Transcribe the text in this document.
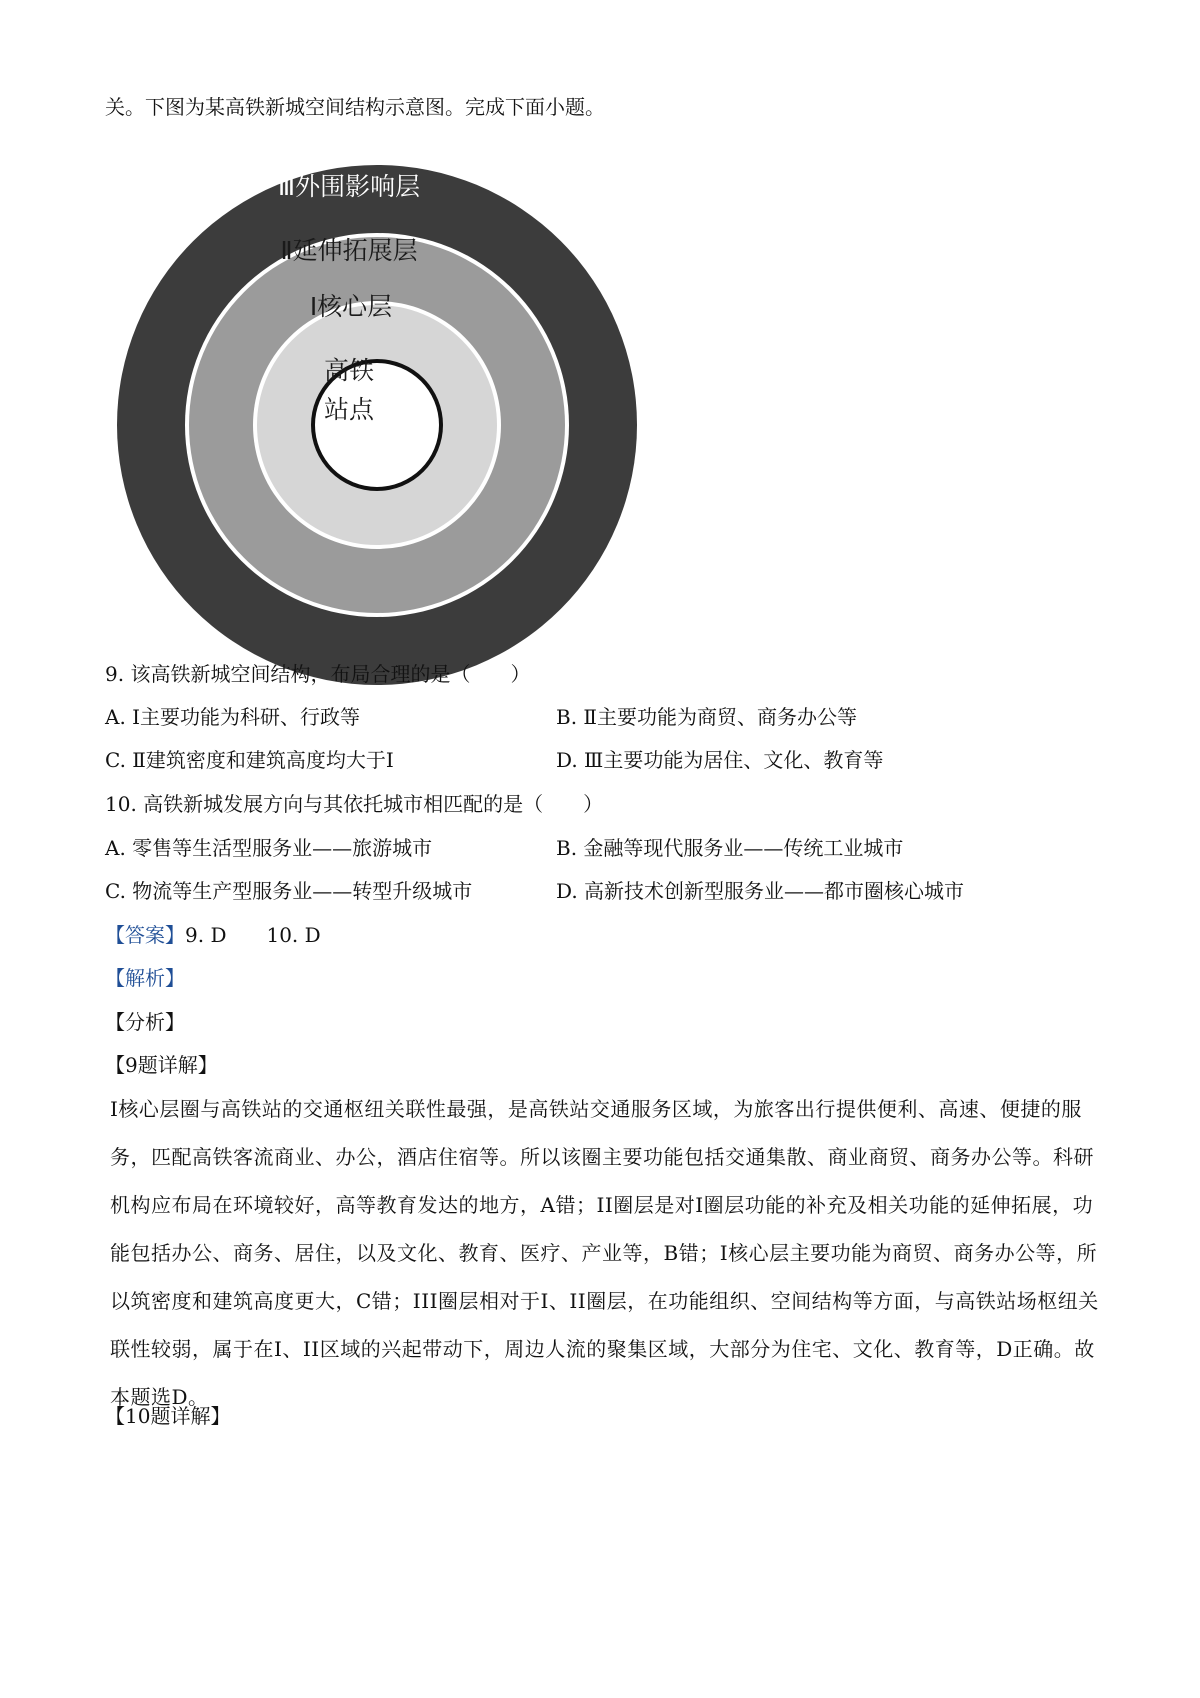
关。下图为某高铁新城空间结构示意图。完成下面小题。
Ⅲ外围影响层
Ⅱ延伸拓展层
Ⅰ核心层
高铁
站点
9. 该高铁新城空间结构，布局合理的是（　　）
A. Ⅰ主要功能为科研、行政等	B. Ⅱ主要功能为商贸、商务办公等
C. Ⅱ建筑密度和建筑高度均大于Ⅰ	D. Ⅲ主要功能为居住、文化、教育等
10. 高铁新城发展方向与其依托城市相匹配的是（　　）
A. 零售等生活型服务业——旅游城市	B. 金融等现代服务业——传统工业城市
C. 物流等生产型服务业——转型升级城市	D. 高新技术创新型服务业——都市圈核心城市
【答案】9. D　　10. D
【解析】
【分析】
【9题详解】
Ⅰ核心层圈与高铁站的交通枢纽关联性最强，是高铁站交通服务区域，为旅客出行提供便利、高速、便捷的服务，匹配高铁客流商业、办公，酒店住宿等。所以该圈主要功能包括交通集散、商业商贸、商务办公等。科研机构应布局在环境较好，高等教育发达的地方，A错；II圈层是对Ⅰ圈层功能的补充及相关功能的延伸拓展，功能包括办公、商务、居住，以及文化、教育、医疗、产业等，B错；Ⅰ核心层主要功能为商贸、商务办公等，所以筑密度和建筑高度更大，C错；III圈层相对于Ⅰ、II圈层，在功能组织、空间结构等方面，与高铁站场枢纽关联性较弱，属于在Ⅰ、II区域的兴起带动下，周边人流的聚集区域，大部分为住宅、文化、教育等，D正确。故本题选D。
【10题详解】
